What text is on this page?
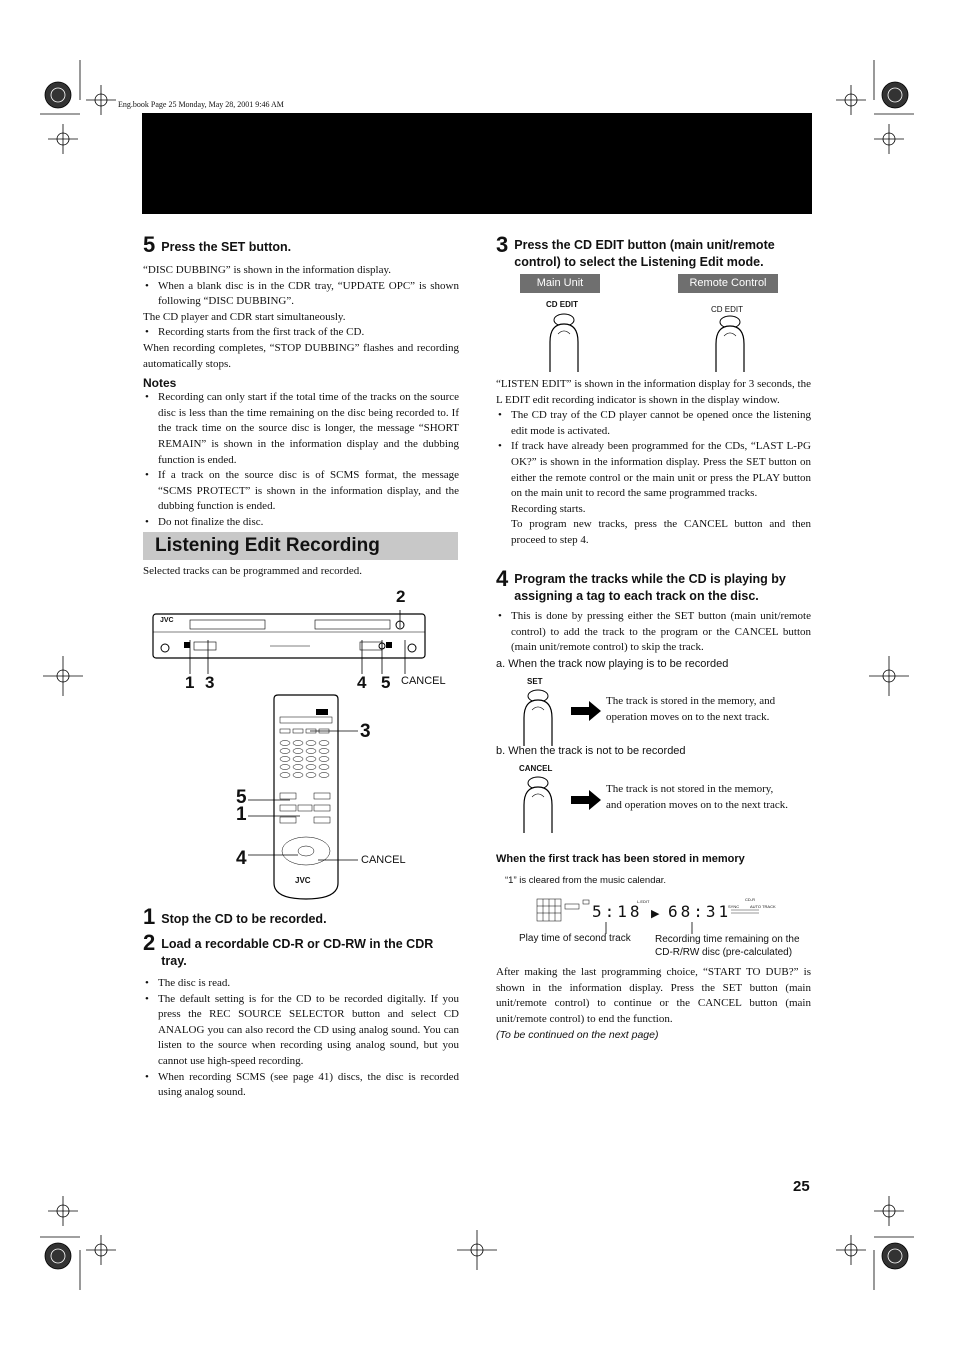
Eng.book Page 25 Monday, May 28, 2001 9:46 AM
5 Press the SET button.
“DISC DUBBING” is shown in the information display.
• When a blank disc is in the CDR tray, “UPDATE OPC” is shown following “DISC DUBBING”.
The CD player and CDR start simultaneously.
• Recording starts from the first track of the CD.
When recording completes, “STOP DUBBING” flashes and recording automatically stops.
Notes
• Recording can only start if the total time of the tracks on the source disc is less than the time remaining on the disc being recorded to. If the track time on the source disc is longer, the message “SHORT REMAIN” is shown in the information display and the dubbing function is ended.
• If a track on the source disc is of SCMS format, the message “SCMS PROTECT” is shown in the information display, and the dubbing function is ended.
• Do not finalize the disc.
Listening Edit Recording
Selected tracks can be programmed and recorded.
JVC
2
1 3	4 5 CANCEL
JVC
3
5
1
4	CANCEL
1 Stop the CD to be recorded.
2 Load a recordable CD-R or CD-RW in the CDR tray.
• The disc is read.
• The default setting is for the CD to be recorded digitally. If you press the REC SOURCE SELECTOR button and select CD ANALOG you can also record the CD using analog sound. You can listen to the source when recording using analog sound, but you cannot use high-speed recording.
• When recording SCMS (see page 41) discs, the disc is recorded using analog sound.
3 Press the CD EDIT button (main unit/remote control) to select the Listening Edit mode.
Main Unit	Remote Control
CD EDIT
CD EDIT
“LISTEN EDIT” is shown in the information display for 3 seconds, the L EDIT edit recording indicator is shown in the display window.
• The CD tray of the CD player cannot be opened once the listening edit mode is activated.
• If track have already been programmed for the CDs, “LAST L-PG OK?” is shown in the information display. Press the SET button on either the remote control or the main unit or press the PLAY button on the main unit to record the same programmed tracks.
Recording starts.
To program new tracks, press the CANCEL button and then proceed to step 4.
4 Program the tracks while the CD is playing by assigning a tag to each track on the disc.
• This is done by pressing either the SET button (main unit/remote control) to add the track to the program or the CANCEL button (main unit/remote control) to skip the track.
a. When the track now playing is to be recorded
SET
The track is stored in the memory, and operation moves on to the next track.
b. When the track is not to be recorded
CANCEL
The track is not stored in the memory, and operation moves on to the next track.
When the first track has been stored in memory
“1” is cleared from the music calendar.
5:18 ▶ 68:31
L.EDIT	CD-R
SYNC	AUTO TRACK
Play time of second track Recording time remaining on the CD-R/RW disc (pre-calculated)
After making the last programming choice, “START TO DUB?” is shown in the information display. Press the SET button (main unit/remote control) to continue or the CANCEL button (main unit/remote control) to end the function.
(To be continued on the next page)
25
